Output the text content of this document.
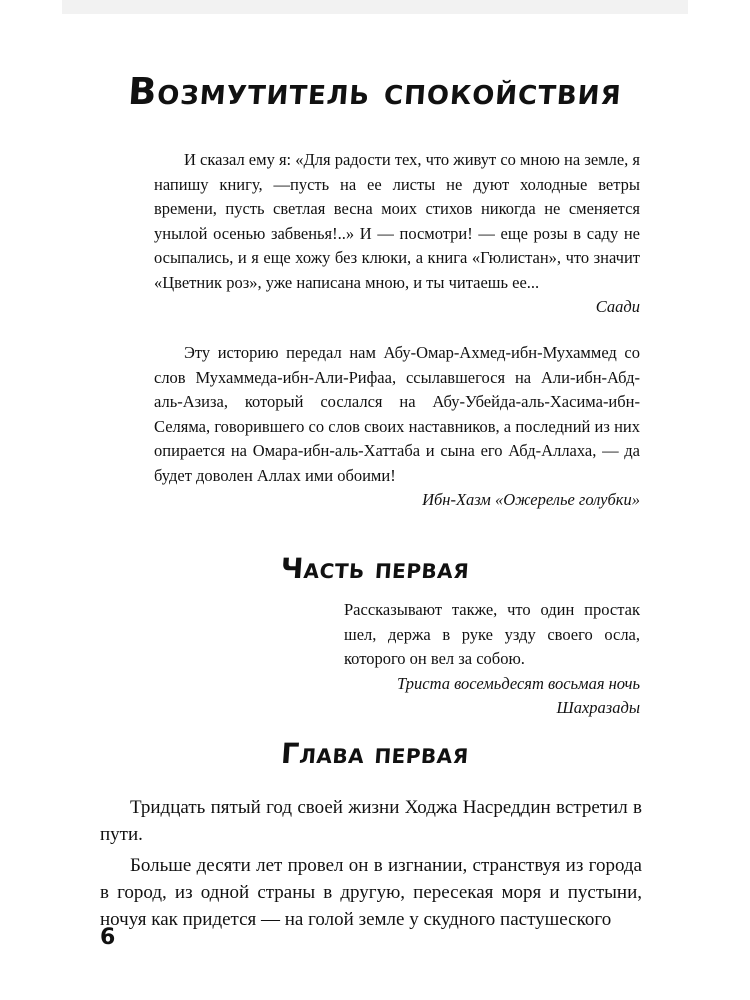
Возмутитель спокойствия

И сказал ему я: «Для радости тех, что живут со мною на земле, я напишу книгу, —пусть на ее листы не дуют холодные ветры времени, пусть светлая весна моих стихов никогда не сменяется унылой осенью забвенья!..» И — посмотри! — еще розы в саду не осыпались, и я еще хожу без клюки, а книга «Гюлистан», что значит «Цветник роз», уже написана мною, и ты читаешь ее...

Саади

Эту историю передал нам Абу-Омар-Ахмед-ибн-Мухаммед со слов Мухаммеда-ибн-Али-Рифаа, ссылавшегося на Али-ибн-Абд-аль-Азиза, который сослался на Абу-Убейда-аль-Хасима-ибн-Селяма, говорившего со слов своих наставников, а последний из них опирается на Омара-ибн-аль-Хаттаба и сына его Абд-Аллаха, — да будет доволен Аллах ими обоими!

Ибн-Хазм «Ожерелье голубки»
Часть первая

Рассказывают также, что один простак шел, держа в руке узду своего осла, которого он вел за собою.

Триста восемьдесят восьмая ночь
Шахразады
Глава первая

Тридцать пятый год своей жизни Ходжа Насреддин встретил в пути.

Больше десяти лет провел он в изгнании, странствуя из города в город, из одной страны в другую, пересекая моря и пустыни, ночуя как придется — на голой земле у скудного пастушеского

6
